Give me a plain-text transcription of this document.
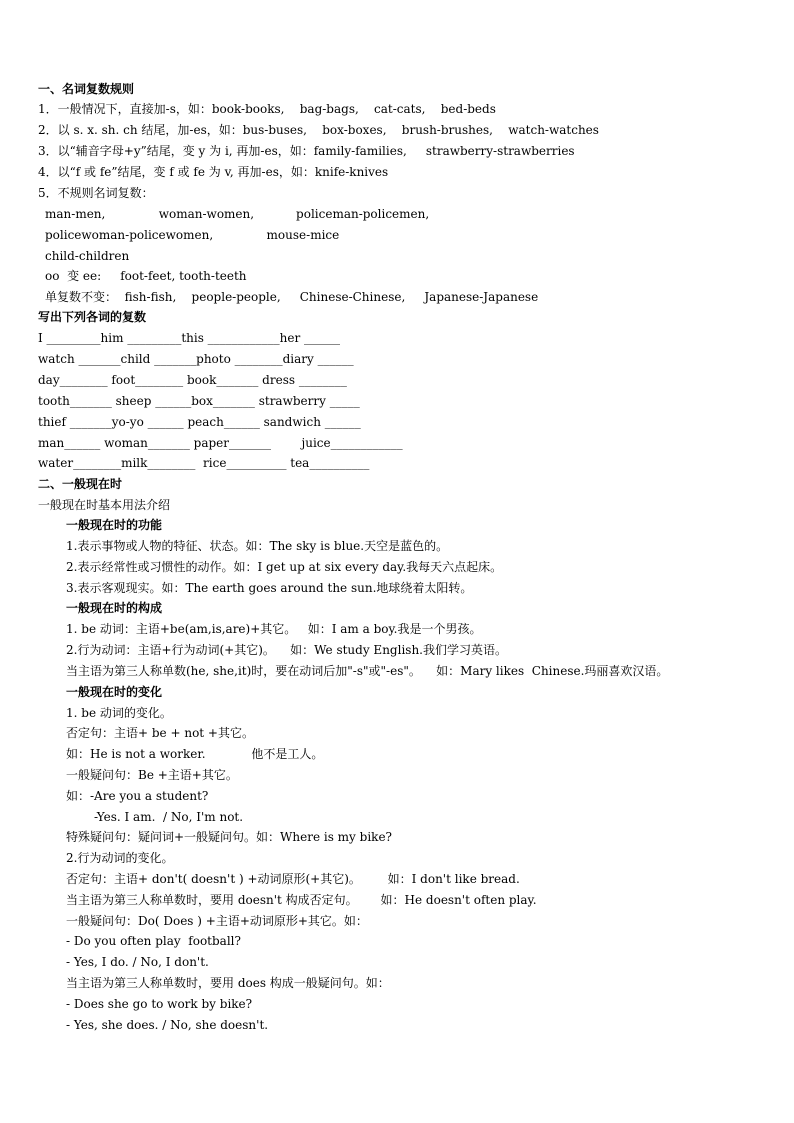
一、名词复数规则
1．一般情况下，直接加-s，如：book-books,    bag-bags,    cat-cats,    bed-beds
2．以 s. x. sh. ch 结尾，加-es，如：bus-buses,    box-boxes,    brush-brushes,    watch-watches
3．以“辅音字母+y”结尾，变 y 为 i, 再加-es，如：family-families,     strawberry-strawberries
4．以“f 或 fe”结尾，变 f 或 fe 为 v, 再加-es，如：knife-knives
5．不规则名词复数：
man-men,              woman-women,           policeman-policemen,
policewoman-policewomen,              mouse-mice
child-children
oo  变 ee:     foot-feet, tooth-teeth
单复数不变：  fish-fish,    people-people,     Chinese-Chinese,     Japanese-Japanese
写出下列各词的复数
I _________him _________this ____________her ______
watch _______child _______photo ________diary ______
day________ foot________ book_______ dress ________
tooth_______ sheep ______box_______ strawberry _____
thief _______yo-yo ______ peach______ sandwich ______
man______ woman_______ paper_______        juice____________
water________milk________  rice__________ tea__________
二、一般现在时
一般现在时基本用法介绍
一般现在时的功能
1.表示事物或人物的特征、状态。如：The sky is blue.天空是蓝色的。
2.表示经常性或习惯性的动作。如：I get up at six every day.我每天六点起床。
3.表示客观现实。如：The earth goes around the sun.地球绕着太阳转。
一般现在时的构成
1. be 动词：主语+be(am,is,are)+其它。   如：I am a boy.我是一个男孩。
2.行为动词：主语+行为动词(+其它)。    如：We study English.我们学习英语。
当主语为第三人称单数(he, she,it)时，要在动词后加"-s"或"-es"。    如：Mary likes  Chinese.玛丽喜欢汉语。
一般现在时的变化
1. be 动词的变化。
否定句：主语+ be + not +其它。
如：He is not a worker.            他不是工人。
一般疑问句：Be +主语+其它。
如：-Are you a student?
-Yes. I am.  / No, I'm not.
特殊疑问句：疑问词+一般疑问句。如：Where is my bike?
2.行为动词的变化。
否定句：主语+ don't( doesn't ) +动词原形(+其它)。       如：I don't like bread.
当主语为第三人称单数时，要用 doesn't 构成否定句。      如：He doesn't often play.
一般疑问句：Do( Does ) +主语+动词原形+其它。如：
- Do you often play  football?
- Yes, I do. / No, I don't.
当主语为第三人称单数时，要用 does 构成一般疑问句。如：
- Does she go to work by bike?
- Yes, she does. / No, she doesn't.
